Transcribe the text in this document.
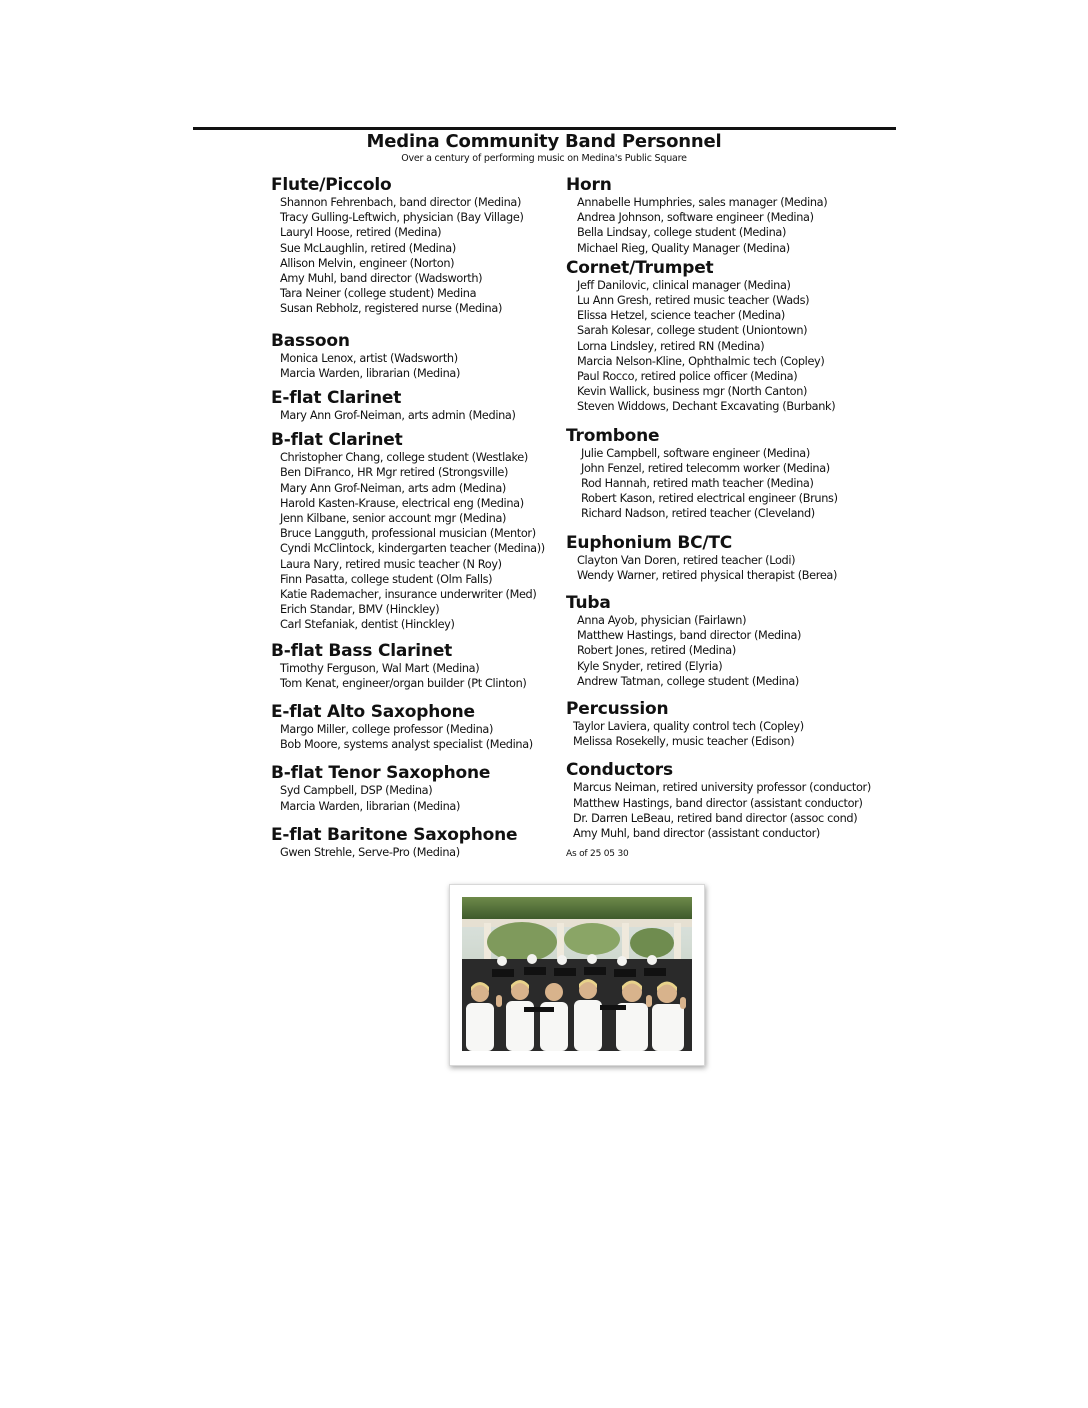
Medina Community Band Personnel
Over a century of performing music on Medina's Public Square
Flute/Piccolo
Shannon Fehrenbach, band director (Medina)
Tracy Gulling-Leftwich, physician (Bay Village)
Lauryl Hoose, retired (Medina)
Sue McLaughlin, retired (Medina)
Allison Melvin, engineer (Norton)
Amy Muhl, band director (Wadsworth)
Tara Neiner (college student) Medina
Susan Rebholz, registered nurse (Medina)
Bassoon
Monica Lenox, artist (Wadsworth)
Marcia Warden, librarian (Medina)
E-flat Clarinet
Mary Ann Grof-Neiman, arts admin (Medina)
B-flat Clarinet
Christopher Chang, college student (Westlake)
Ben DiFranco, HR Mgr retired (Strongsville)
Mary Ann Grof-Neiman, arts adm (Medina)
Harold Kasten-Krause, electrical eng (Medina)
Jenn Kilbane, senior account mgr (Medina)
Bruce Langguth, professional musician (Mentor)
Cyndi McClintock, kindergarten teacher (Medina))
Laura Nary, retired music teacher (N Roy)
Finn Pasatta, college student (Olm Falls)
Katie Rademacher, insurance underwriter (Med)
Erich Standar, BMV (Hinckley)
Carl Stefaniak, dentist (Hinckley)
B-flat Bass Clarinet
Timothy Ferguson, Wal Mart (Medina)
Tom Kenat, engineer/organ builder (Pt Clinton)
E-flat Alto Saxophone
Margo Miller, college professor (Medina)
Bob Moore, systems analyst specialist (Medina)
B-flat Tenor Saxophone
Syd Campbell, DSP (Medina)
Marcia Warden, librarian (Medina)
E-flat Baritone Saxophone
Gwen Strehle, Serve-Pro (Medina)
Horn
Annabelle Humphries, sales manager (Medina)
Andrea Johnson, software engineer (Medina)
Bella Lindsay, college student (Medina)
Michael Rieg, Quality Manager (Medina)
Cornet/Trumpet
Jeff Danilovic, clinical manager (Medina)
Lu Ann Gresh, retired music teacher (Wads)
Elissa Hetzel, science teacher (Medina)
Sarah Kolesar, college student (Uniontown)
Lorna Lindsley, retired RN (Medina)
Marcia Nelson-Kline, Ophthalmic tech (Copley)
Paul Rocco, retired police officer (Medina)
Kevin Wallick, business mgr (North Canton)
Steven Widdows, Dechant Excavating (Burbank)
Trombone
Julie Campbell, software engineer (Medina)
John Fenzel, retired telecomm worker (Medina)
Rod Hannah, retired math teacher (Medina)
Robert Kason, retired electrical engineer (Bruns)
Richard Nadson, retired teacher (Cleveland)
Euphonium BC/TC
Clayton Van Doren, retired teacher (Lodi)
Wendy Warner, retired physical therapist (Berea)
Tuba
Anna Ayob, physician (Fairlawn)
Matthew Hastings, band director (Medina)
Robert Jones, retired (Medina)
Kyle Snyder, retired (Elyria)
Andrew Tatman, college student (Medina)
Percussion
Taylor Laviera, quality control tech (Copley)
Melissa Rosekelly, music teacher (Edison)
Conductors
Marcus Neiman, retired university professor (conductor)
Matthew Hastings, band director (assistant conductor)
Dr. Darren LeBeau, retired band director (assoc cond)
Amy Muhl, band director (assistant conductor)
As of 25 05 30
